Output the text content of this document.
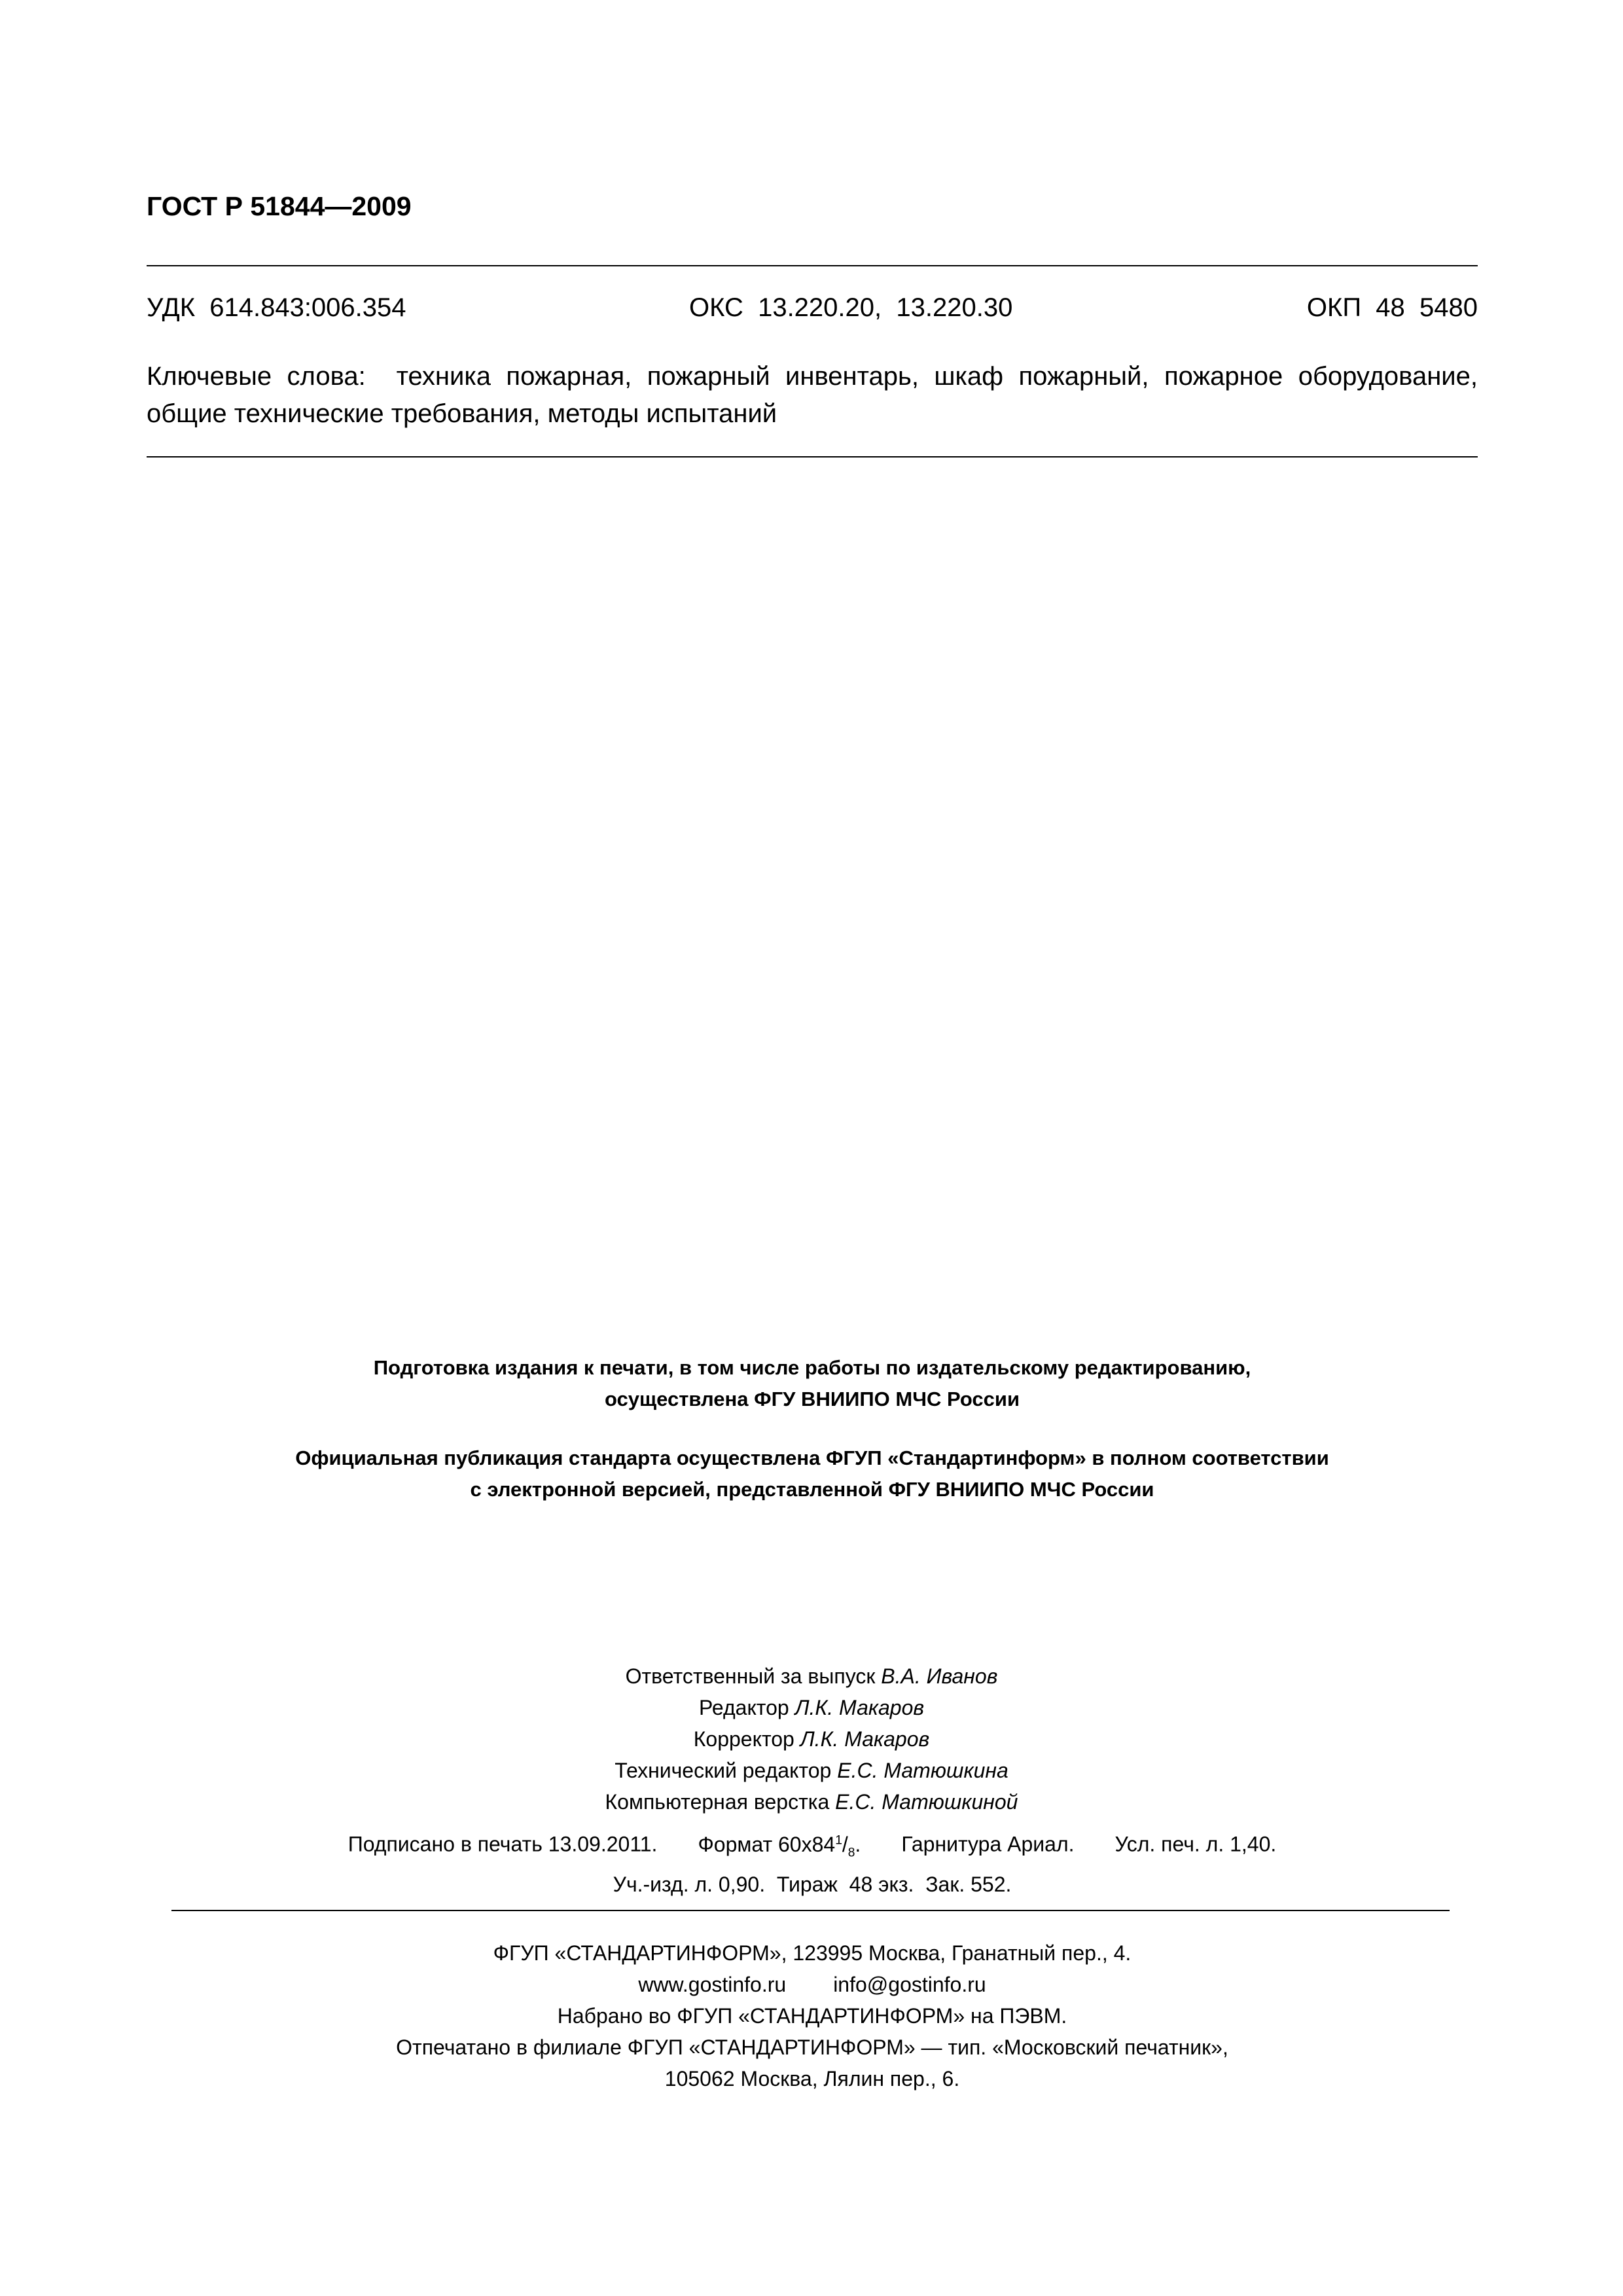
ГОСТ Р 51844—2009
УДК  614.843:006.354	ОКС  13.220.20,  13.220.30	ОКП  48  5480
Ключевые слова:  техника пожарная, пожарный инвентарь, шкаф пожарный, пожарное оборудование,
общие технические требования, методы испытаний
Подготовка издания к печати, в том числе работы по издательскому редактированию,
осуществлена ФГУ ВНИИПО МЧС России
Официальная публикация стандарта осуществлена ФГУП «Стандартинформ» в полном соответствии
с электронной версией, представленной ФГУ ВНИИПО МЧС России
Ответственный за выпуск В.А. Иванов
Редактор Л.К. Макаров
Корректор Л.К. Макаров
Технический редактор Е.С. Матюшкина
Компьютерная верстка Е.С. Матюшкиной
Подписано в печать 13.09.2011. Формат $60x84^1/_8$. Гарнитура Ариал. Усл. печ. л. 1,40.
Уч.-изд. л. 0,90.  Тираж  48 экз.  Зак. 552.
ФГУП «СТАНДАРТИНФОРМ», 123995 Москва, Гранатный пер., 4.
www.gostinfo.ru info@gostinfo.ru
Набрано во ФГУП «СТАНДАРТИНФОРМ» на ПЭВМ.
Отпечатано в филиале ФГУП «СТАНДАРТИНФОРМ» — тип. «Московский печатник»,
105062 Москва, Лялин пер., 6.
